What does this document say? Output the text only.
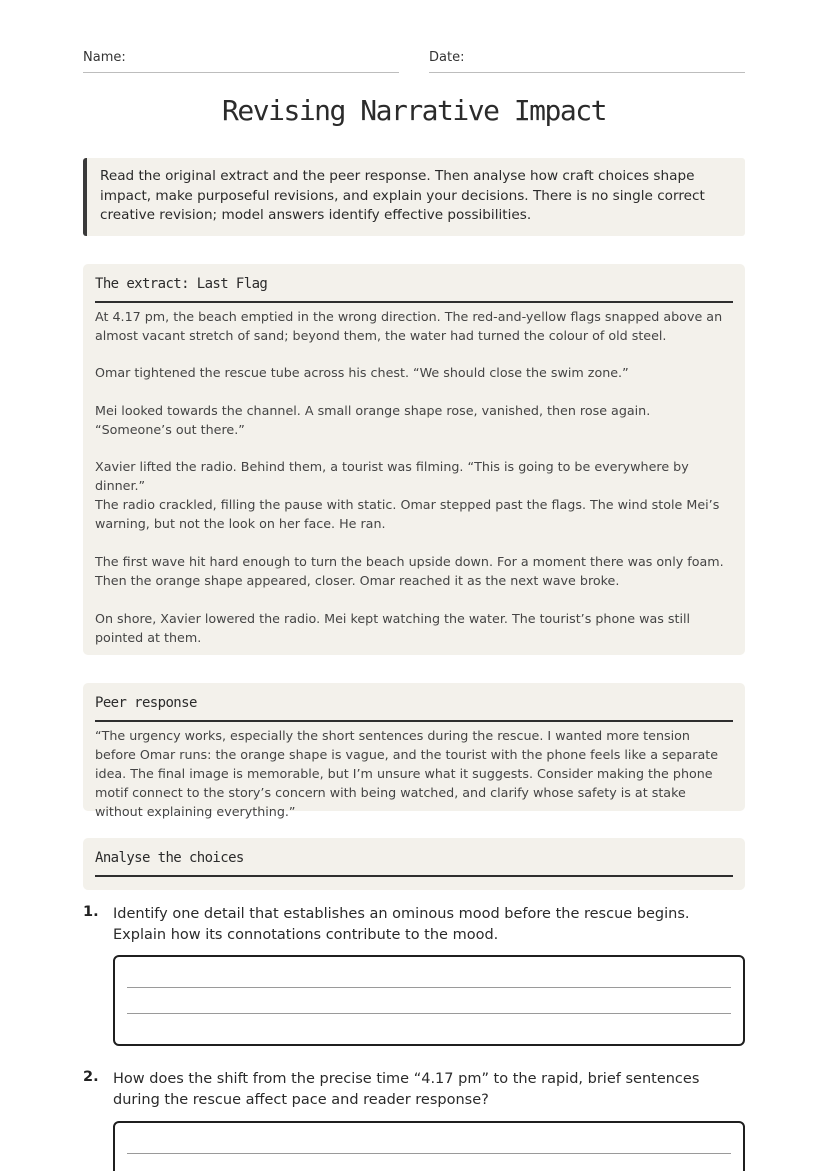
Name:	Date:
Revising Narrative Impact
Read the original extract and the peer response. Then analyse how craft choices shape impact, make purposeful revisions, and explain your decisions. There is no single correct creative revision; model answers identify effective possibilities.
The extract: Last Flag
At 4.17 pm, the beach emptied in the wrong direction. The red-and-yellow flags snapped above an almost vacant stretch of sand; beyond them, the water had turned the colour of old steel.
Omar tightened the rescue tube across his chest. “We should close the swim zone.”
Mei looked towards the channel. A small orange shape rose, vanished, then rose again. “Someone’s out there.”
Xavier lifted the radio. Behind them, a tourist was filming. “This is going to be everywhere by dinner.”
The radio crackled, filling the pause with static. Omar stepped past the flags. The wind stole Mei’s warning, but not the look on her face. He ran.
The first wave hit hard enough to turn the beach upside down. For a moment there was only foam. Then the orange shape appeared, closer. Omar reached it as the next wave broke.
On shore, Xavier lowered the radio. Mei kept watching the water. The tourist’s phone was still pointed at them.
Peer response
“The urgency works, especially the short sentences during the rescue. I wanted more tension before Omar runs: the orange shape is vague, and the tourist with the phone feels like a separate idea. The final image is memorable, but I’m unsure what it suggests. Consider making the phone motif connect to the story’s concern with being watched, and clarify whose safety is at stake without explaining everything.”
Analyse the choices
1. Identify one detail that establishes an ominous mood before the rescue begins. Explain how its connotations contribute to the mood.
2. How does the shift from the precise time “4.17 pm” to the rapid, brief sentences during the rescue affect pace and reader response?
